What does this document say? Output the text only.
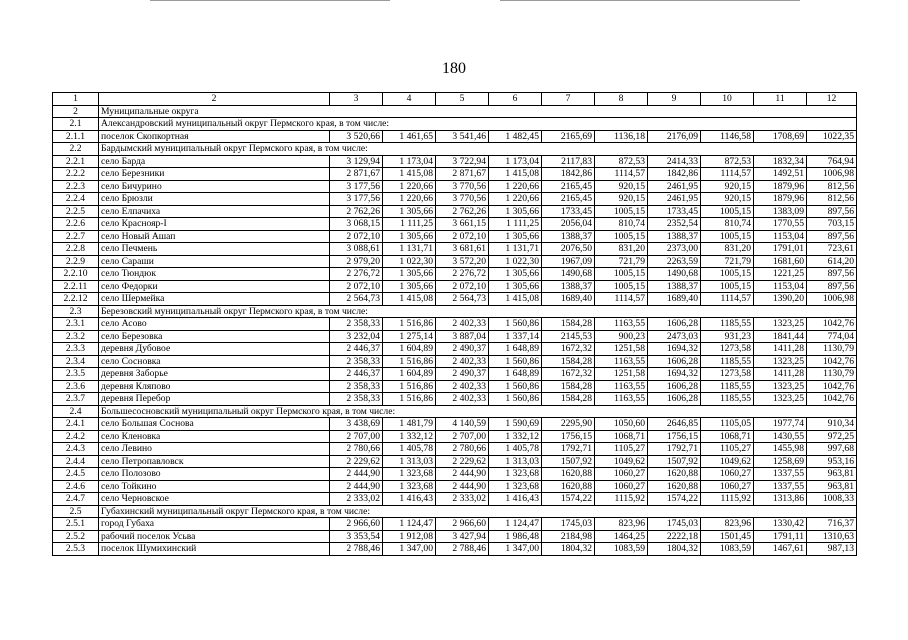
180
1	2	3	4	5	6	7	8	9	10	11	12
2	Муниципальные округа										
2.1	Александровский муниципальный округ Пермского края, в том числе:										
2.1.1	поселок Скопкортная	3 520,66	1 461,65	3 541,46	1 482,45	2165,69	1136,18	2176,09	1146,58	1708,69	1022,35
2.2	Бардымский муниципальный округ Пермского края, в том числе:										
2.2.1	село Барда	3 129,94	1 173,04	3 722,94	1 173,04	2117,83	872,53	2414,33	872,53	1832,34	764,94
2.2.2	село Березники	2 871,67	1 415,08	2 871,67	1 415,08	1842,86	1114,57	1842,86	1114,57	1492,51	1006,98
2.2.3	село Бичурино	3 177,56	1 220,66	3 770,56	1 220,66	2165,45	920,15	2461,95	920,15	1879,96	812,56
2.2.4	село Брюзли	3 177,56	1 220,66	3 770,56	1 220,66	2165,45	920,15	2461,95	920,15	1879,96	812,56
2.2.5	село Елпачиха	2 762,26	1 305,66	2 762,26	1 305,66	1733,45	1005,15	1733,45	1005,15	1383,09	897,56
2.2.6	село Краснояр-I	3 068,15	1 111,25	3 661,15	1 111,25	2056,04	810,74	2352,54	810,74	1770,55	703,15
2.2.7	село Новый Ашап	2 072,10	1 305,66	2 072,10	1 305,66	1388,37	1005,15	1388,37	1005,15	1153,04	897,56
2.2.8	село Печмень	3 088,61	1 131,71	3 681,61	1 131,71	2076,50	831,20	2373,00	831,20	1791,01	723,61
2.2.9	село Сараши	2 979,20	1 022,30	3 572,20	1 022,30	1967,09	721,79	2263,59	721,79	1681,60	614,20
2.2.10	село Тюндюк	2 276,72	1 305,66	2 276,72	1 305,66	1490,68	1005,15	1490,68	1005,15	1221,25	897,56
2.2.11	село Федорки	2 072,10	1 305,66	2 072,10	1 305,66	1388,37	1005,15	1388,37	1005,15	1153,04	897,56
2.2.12	село Шермейка	2 564,73	1 415,08	2 564,73	1 415,08	1689,40	1114,57	1689,40	1114,57	1390,20	1006,98
2.3	Березовский муниципальный округ Пермского края, в том числе:										
2.3.1	село Асово	2 358,33	1 516,86	2 402,33	1 560,86	1584,28	1163,55	1606,28	1185,55	1323,25	1042,76
2.3.2	село Березовка	3 232,04	1 275,14	3 887,04	1 337,14	2145,53	900,23	2473,03	931,23	1841,44	774,04
2.3.3	деревня Дубовое	2 446,37	1 604,89	2 490,37	1 648,89	1672,32	1251,58	1694,32	1273,58	1411,28	1130,79
2.3.4	село Сосновка	2 358,33	1 516,86	2 402,33	1 560,86	1584,28	1163,55	1606,28	1185,55	1323,25	1042,76
2.3.5	деревня Заборье	2 446,37	1 604,89	2 490,37	1 648,89	1672,32	1251,58	1694,32	1273,58	1411,28	1130,79
2.3.6	деревня Кляпово	2 358,33	1 516,86	2 402,33	1 560,86	1584,28	1163,55	1606,28	1185,55	1323,25	1042,76
2.3.7	деревня Перебор	2 358,33	1 516,86	2 402,33	1 560,86	1584,28	1163,55	1606,28	1185,55	1323,25	1042,76
2.4	Большесосновский муниципальный округ Пермского края, в том числе:										
2.4.1	село Большая Соснова	3 438,69	1 481,79	4 140,59	1 590,69	2295,90	1050,60	2646,85	1105,05	1977,74	910,34
2.4.2	село Кленовка	2 707,00	1 332,12	2 707,00	1 332,12	1756,15	1068,71	1756,15	1068,71	1430,55	972,25
2.4.3	село Левино	2 780,66	1 405,78	2 780,66	1 405,78	1792,71	1105,27	1792,71	1105,27	1455,98	997,68
2.4.4	село Петропавловск	2 229,62	1 313,03	2 229,62	1 313,03	1507,92	1049,62	1507,92	1049,62	1258,69	953,16
2.4.5	село Полозово	2 444,90	1 323,68	2 444,90	1 323,68	1620,88	1060,27	1620,88	1060,27	1337,55	963,81
2.4.6	село Тойкино	2 444,90	1 323,68	2 444,90	1 323,68	1620,88	1060,27	1620,88	1060,27	1337,55	963,81
2.4.7	село Черновское	2 333,02	1 416,43	2 333,02	1 416,43	1574,22	1115,92	1574,22	1115,92	1313,86	1008,33
2.5	Губахинский муниципальный округ Пермского края, в том числе:										
2.5.1	город Губаха	2 966,60	1 124,47	2 966,60	1 124,47	1745,03	823,96	1745,03	823,96	1330,42	716,37
2.5.2	рабочий поселок Усьва	3 353,54	1 912,08	3 427,94	1 986,48	2184,98	1464,25	2222,18	1501,45	1791,11	1310,63
2.5.3	поселок Шумихинский	2 788,46	1 347,00	2 788,46	1 347,00	1804,32	1083,59	1804,32	1083,59	1467,61	987,13
